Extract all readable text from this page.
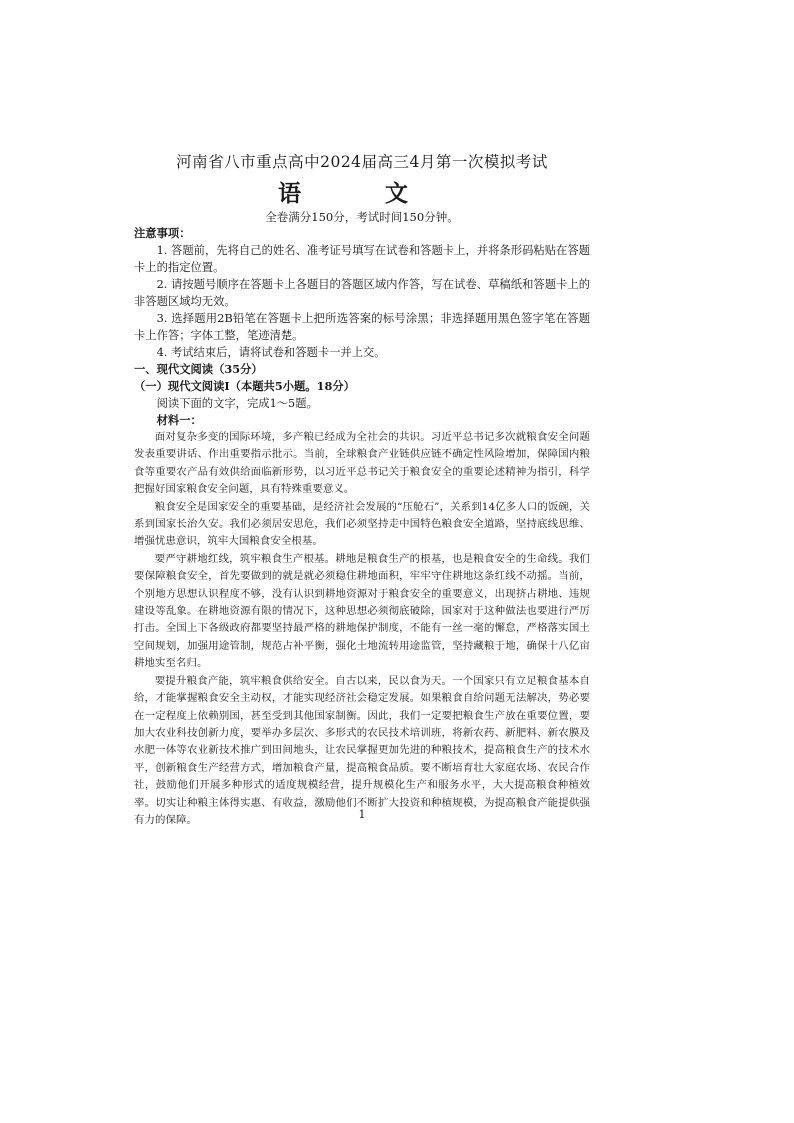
河南省八市重点高中2024届高三4月第一次模拟考试
语 文
全卷满分150分，考试时间150分钟。

注意事项：

1. 答题前，先将自己的姓名、准考证号填写在试卷和答题卡上，并将条形码粘贴在答题卡上的指定位置。

2. 请按题号顺序在答题卡上各题目的答题区域内作答，写在试卷、草稿纸和答题卡上的非答题区域均无效。

3. 选择题用2B铅笔在答题卡上把所选答案的标号涂黑；非选择题用黑色签字笔在答题卡上作答；字体工整，笔迹清楚。

4. 考试结束后，请将试卷和答题卡一并上交。

一、现代文阅读（35分）

（一）现代文阅读Ⅰ（本题共5小题。18分）

阅读下面的文字，完成1～5题。

材料一：

面对复杂多变的国际环境，多产粮已经成为全社会的共识。习近平总书记多次就粮食安全问题发表重要讲话、作出重要指示批示。当前，全球粮食产业链供应链不确定性风险增加，保障国内粮食等重要农产品有效供给面临新形势，以习近平总书记关于粮食安全的重要论述精神为指引，科学把握好国家粮食安全问题，具有特殊重要意义。

粮食安全是国家安全的重要基础，是经济社会发展的“压舱石”，关系到14亿多人口的饭碗，关系到国家长治久安。我们必须居安思危，我们必须坚持走中国特色粮食安全道路，坚持底线思维、增强忧患意识，筑牢大国粮食安全根基。

要严守耕地红线，筑牢粮食生产根基。耕地是粮食生产的根基，也是粮食安全的生命线。我们要保障粮食安全，首先要做到的就是就必须稳住耕地面积，牢牢守住耕地这条红线不动摇。当前，个别地方思想认识程度不够，没有认识到耕地资源对于粮食安全的重要意义，出现挤占耕地、违规建设等乱象。在耕地资源有限的情况下，这种思想必须彻底破除，国家对于这种做法也要进行严厉打击。全国上下各级政府都要坚持最严格的耕地保护制度，不能有一丝一毫的懈怠，严格落实国土空间规划，加强用途管制，规范占补平衡，强化土地流转用途监管，坚持藏粮于地，确保十八亿亩耕地实至名归。

要提升粮食产能，筑牢粮食供给安全。自古以来，民以食为天。一个国家只有立足粮食基本自给，才能掌握粮食安全主动权，才能实现经济社会稳定发展。如果粮食自给问题无法解决，势必要在一定程度上依赖别国，甚至受到其他国家制衡。因此，我们一定要把粮食生产放在重要位置，要加大农业科技创新力度，要举办多层次、多形式的农民技术培训班，将新农药、新肥料、新农膜及水肥一体等农业新技术推广到田间地头，让农民掌握更加先进的种粮技术，提高粮食生产的技术水平，创新粮食生产经营方式，增加粮食产量，提高粮食品质。要不断培育壮大家庭农场、农民合作社，鼓励他们开展多种形式的适度规模经营，提升规模化生产和服务水平，大大提高粮食种植效率。切实让种粮主体得实惠、有收益，激励他们不断扩大投资和种植规模，为提高粮食产能提供强有力的保障。	1
